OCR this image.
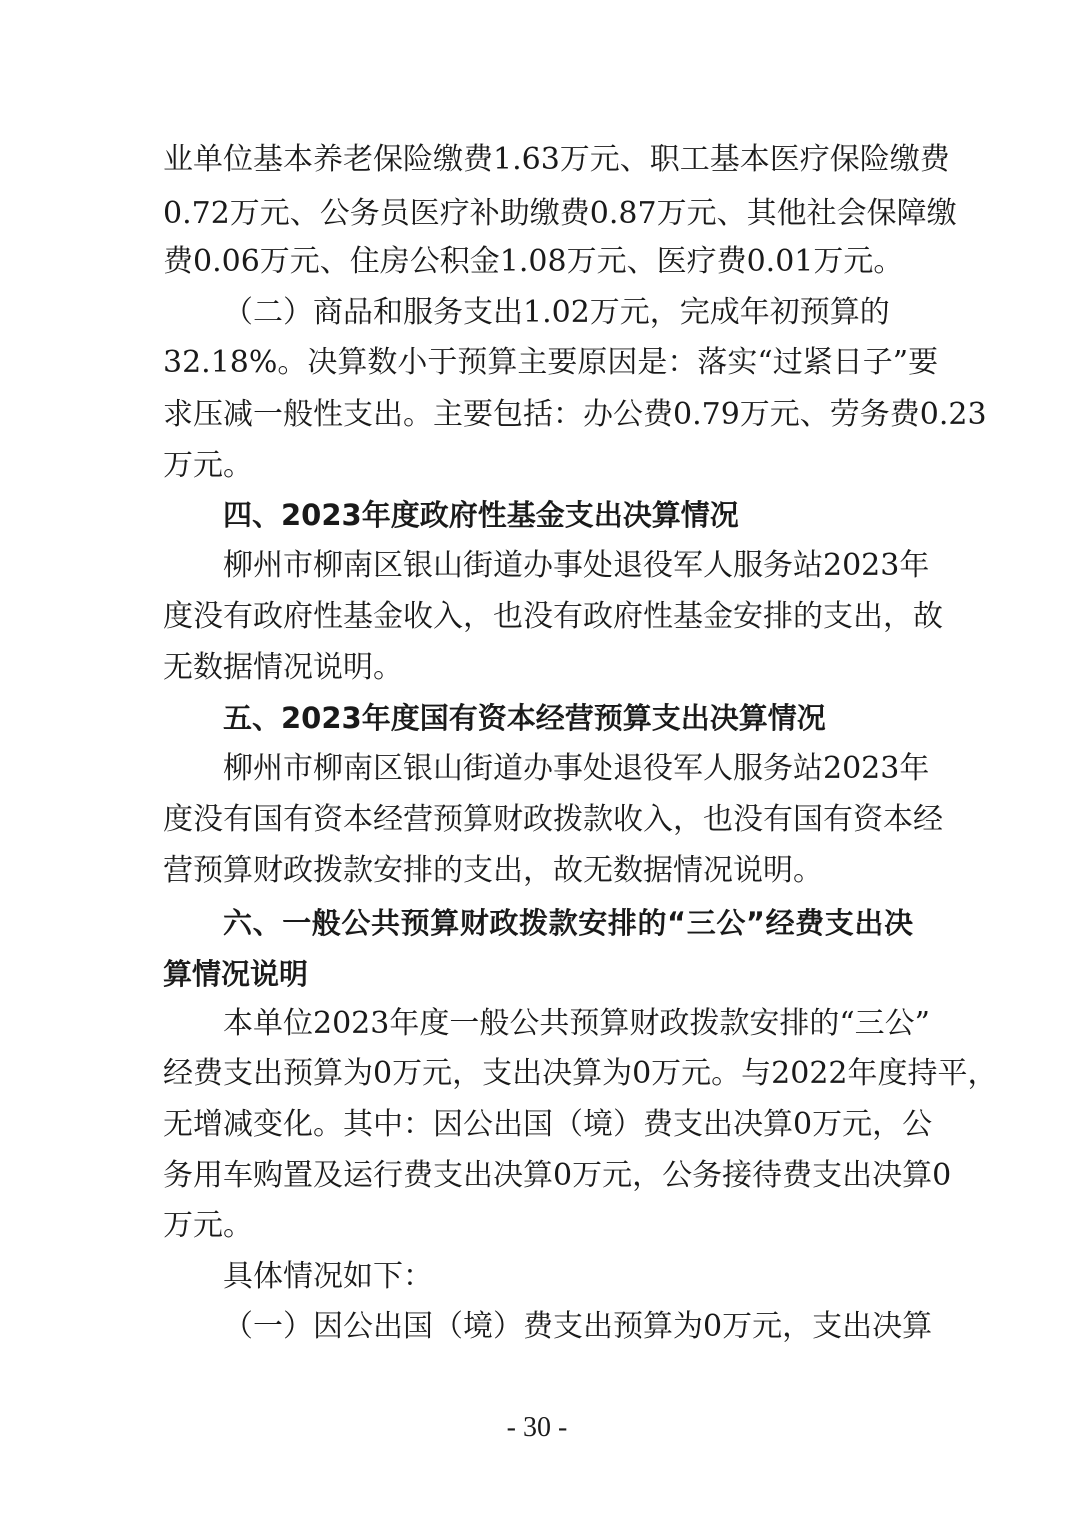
业单位基本养老保险缴费1.63万元、职工基本医疗保险缴费
0.72万元、公务员医疗补助缴费0.87万元、其他社会保障缴
费0.06万元、住房公积金1.08万元、医疗费0.01万元。
（二）商品和服务支出1.02万元，完成年初预算的
32.18%。决算数小于预算主要原因是：落实“过紧日子”要
求压减一般性支出。主要包括：办公费0.79万元、劳务费0.23
万元。
四、2023年度政府性基金支出决算情况
柳州市柳南区银山街道办事处退役军人服务站2023年
度没有政府性基金收入，也没有政府性基金安排的支出，故
无数据情况说明。
五、2023年度国有资本经营预算支出决算情况
柳州市柳南区银山街道办事处退役军人服务站2023年
度没有国有资本经营预算财政拨款收入，也没有国有资本经
营预算财政拨款安排的支出，故无数据情况说明。
六、一般公共预算财政拨款安排的“三公”经费支出决
算情况说明
本单位2023年度一般公共预算财政拨款安排的“三公”
经费支出预算为0万元，支出决算为0万元。与2022年度持平，
无增减变化。其中：因公出国（境）费支出决算0万元，公
务用车购置及运行费支出决算0万元，公务接待费支出决算0
万元。
具体情况如下：
（一）因公出国（境）费支出预算为0万元，支出决算
- 30 -
